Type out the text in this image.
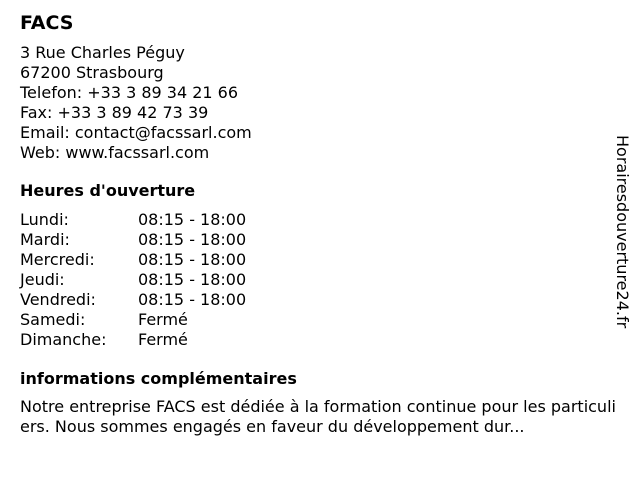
FACS
3 Rue Charles Péguy
67200 Strasbourg
Telefon: +33 3 89 34 21 66
Fax: +33 3 89 42 73 39
Email: contact@facssarl.com
Web: www.facssarl.com
Heures d'ouverture
Lundi:	08:15 - 18:00
Mardi:	08:15 - 18:00
Mercredi:	08:15 - 18:00
Jeudi:	08:15 - 18:00
Vendredi:	08:15 - 18:00
Samedi:	Fermé
Dimanche: Fermé
informations complémentaires
Notre entreprise FACS est dédiée à la formation continue pour les particuliers. Nous sommes engagés en faveur du développement dur...
Horairesdouverture24.fr
